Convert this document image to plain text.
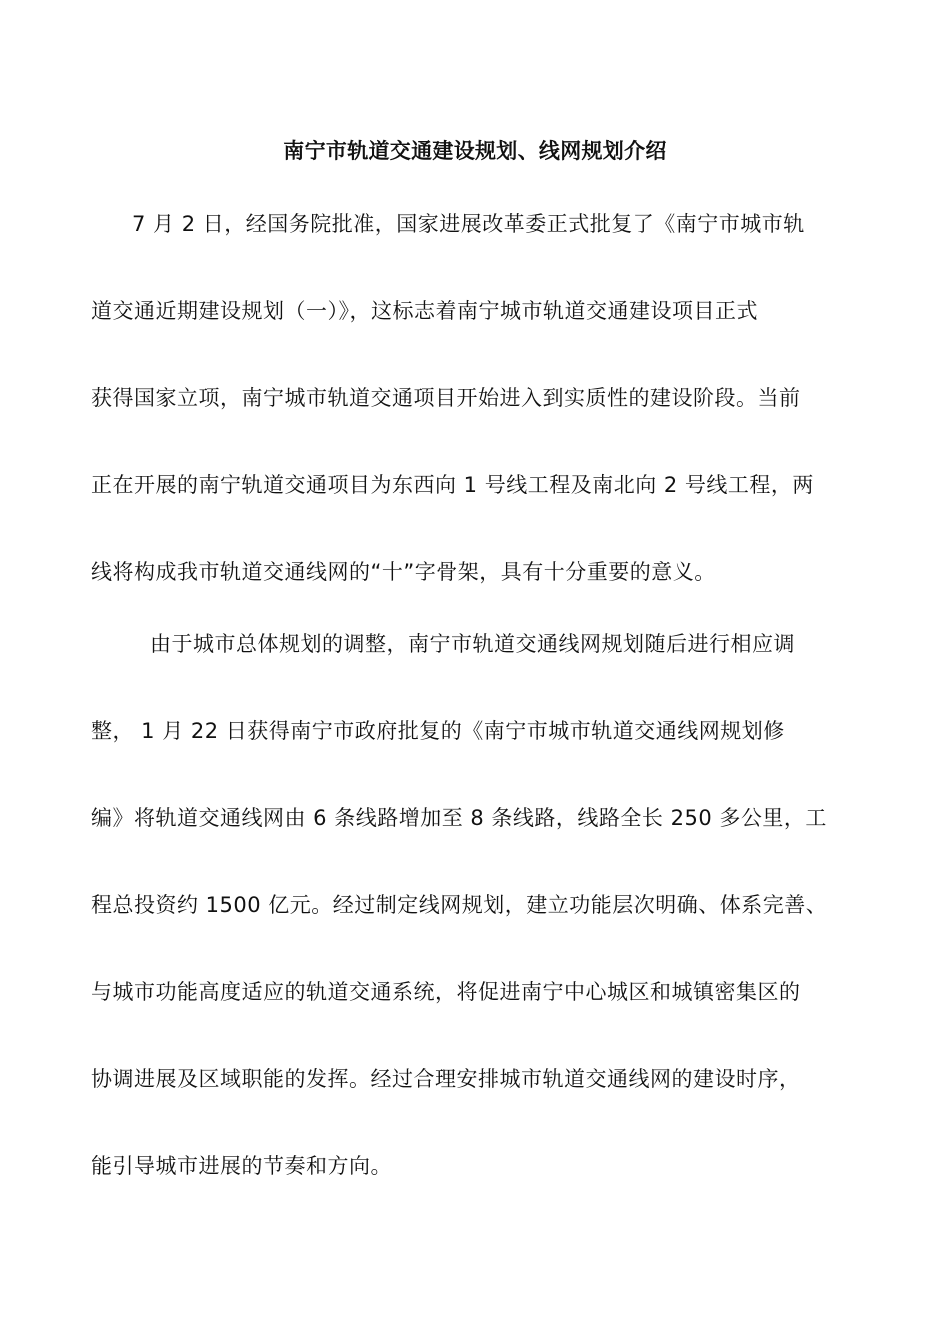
南宁市轨道交通建设规划、线网规划介绍
7 月 2 日，经国务院批准，国家进展改革委正式批复了《南宁市城市轨
道交通近期建设规划（一）》，这标志着南宁城市轨道交通建设项目正式
获得国家立项，南宁城市轨道交通项目开始进入到实质性的建设阶段。当前
正在开展的南宁轨道交通项目为东西向 1 号线工程及南北向 2 号线工程，两
线将构成我市轨道交通线网的“十”字骨架，具有十分重要的意义。
由于城市总体规划的调整，南宁市轨道交通线网规划随后进行相应调
整， 1 月 22 日获得南宁市政府批复的《南宁市城市轨道交通线网规划修
编》将轨道交通线网由 6 条线路增加至 8 条线路，线路全长 250 多公里，工
程总投资约 1500 亿元。经过制定线网规划，建立功能层次明确、体系完善、
与城市功能高度适应的轨道交通系统，将促进南宁中心城区和城镇密集区的
协调进展及区域职能的发挥。经过合理安排城市轨道交通线网的建设时序，
能引导城市进展的节奏和方向。
